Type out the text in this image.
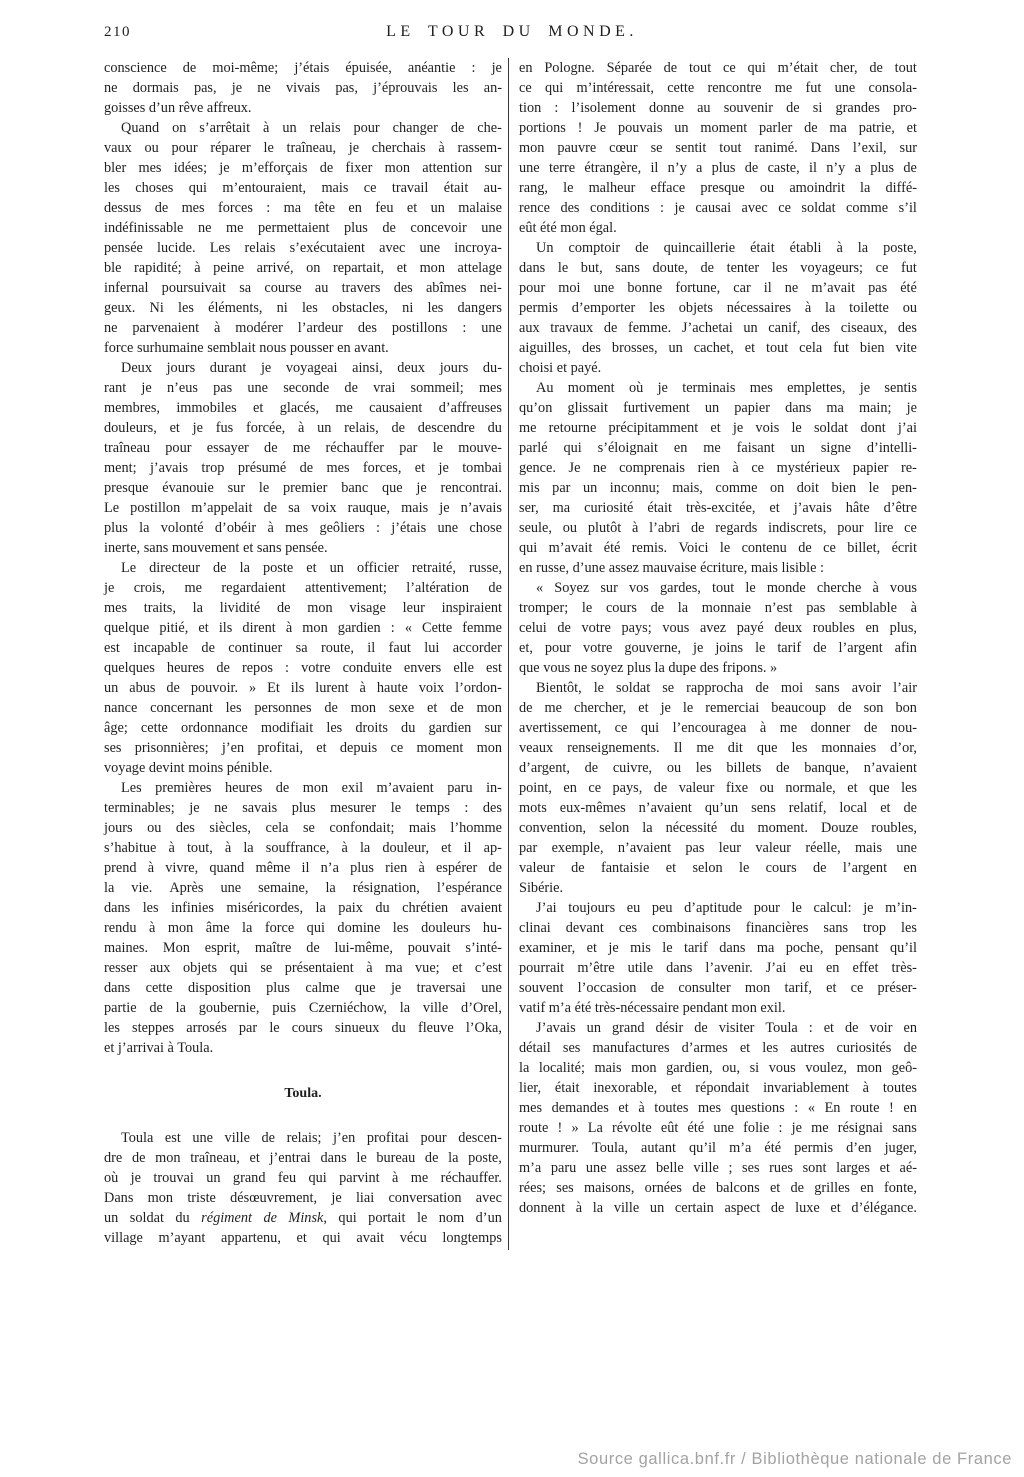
210	LE TOUR DU MONDE.
conscience de moi-même; j’étais épuisée, anéantie : je
ne dormais pas, je ne vivais pas, j’éprouvais les an-
goisses d’un rêve affreux.
Quand on s’arrêtait à un relais pour changer de che-
vaux ou pour réparer le traîneau, je cherchais à rassem-
bler mes idées; je m’efforçais de fixer mon attention sur
les choses qui m’entouraient, mais ce travail était au-
dessus de mes forces : ma tête en feu et un malaise
indéfinissable ne me permettaient plus de concevoir une
pensée lucide. Les relais s’exécutaient avec une incroya-
ble rapidité; à peine arrivé, on repartait, et mon attelage
infernal poursuivait sa course au travers des abîmes nei-
geux. Ni les éléments, ni les obstacles, ni les dangers
ne parvenaient à modérer l’ardeur des postillons : une
force surhumaine semblait nous pousser en avant.
Deux jours durant je voyageai ainsi, deux jours du-
rant je n’eus pas une seconde de vrai sommeil; mes
membres, immobiles et glacés, me causaient d’affreuses
douleurs, et je fus forcée, à un relais, de descendre du
traîneau pour essayer de me réchauffer par le mouve-
ment; j’avais trop présumé de mes forces, et je tombai
presque évanouie sur le premier banc que je rencontrai.
Le postillon m’appelait de sa voix rauque, mais je n’avais
plus la volonté d’obéir à mes geôliers : j’étais une chose
inerte, sans mouvement et sans pensée.
Le directeur de la poste et un officier retraité, russe,
je crois, me regardaient attentivement; l’altération de
mes traits, la lividité de mon visage leur inspiraient
quelque pitié, et ils dirent à mon gardien : « Cette femme
est incapable de continuer sa route, il faut lui accorder
quelques heures de repos : votre conduite envers elle est
un abus de pouvoir. » Et ils lurent à haute voix l’ordon-
nance concernant les personnes de mon sexe et de mon
âge; cette ordonnance modifiait les droits du gardien sur
ses prisonnières; j’en profitai, et depuis ce moment mon
voyage devint moins pénible.
Les premières heures de mon exil m’avaient paru in-
terminables; je ne savais plus mesurer le temps : des
jours ou des siècles, cela se confondait; mais l’homme
s’habitue à tout, à la souffrance, à la douleur, et il ap-
prend à vivre, quand même il n’a plus rien à espérer de
la vie. Après une semaine, la résignation, l’espérance
dans les infinies miséricordes, la paix du chrétien avaient
rendu à mon âme la force qui domine les douleurs hu-
maines. Mon esprit, maître de lui-même, pouvait s’inté-
resser aux objets qui se présentaient à ma vue; et c’est
dans cette disposition plus calme que je traversai une
partie de la goubernie, puis Czerniéchow, la ville d’Orel,
les steppes arrosés par le cours sinueux du fleuve l’Oka,
et j’arrivai à Toula.
Toula.
Toula est une ville de relais; j’en profitai pour descen-
dre de mon traîneau, et j’entrai dans le bureau de la poste,
où je trouvai un grand feu qui parvint à me réchauffer.
Dans mon triste désœuvrement, je liai conversation avec
un soldat du régiment de Minsk, qui portait le nom d’un
village m’ayant appartenu, et qui avait vécu longtemps
en Pologne. Séparée de tout ce qui m’était cher, de tout
ce qui m’intéressait, cette rencontre me fut une consola-
tion : l’isolement donne au souvenir de si grandes pro-
portions ! Je pouvais un moment parler de ma patrie, et
mon pauvre cœur se sentit tout ranimé. Dans l’exil, sur
une terre étrangère, il n’y a plus de caste, il n’y a plus de
rang, le malheur efface presque ou amoindrit la diffé-
rence des conditions : je causai avec ce soldat comme s’il
eût été mon égal.
Un comptoir de quincaillerie était établi à la poste,
dans le but, sans doute, de tenter les voyageurs; ce fut
pour moi une bonne fortune, car il ne m’avait pas été
permis d’emporter les objets nécessaires à la toilette ou
aux travaux de femme. J’achetai un canif, des ciseaux, des
aiguilles, des brosses, un cachet, et tout cela fut bien vite
choisi et payé.
Au moment où je terminais mes emplettes, je sentis
qu’on glissait furtivement un papier dans ma main; je
me retourne précipitamment et je vois le soldat dont j’ai
parlé qui s’éloignait en me faisant un signe d’intelli-
gence. Je ne comprenais rien à ce mystérieux papier re-
mis par un inconnu; mais, comme on doit bien le pen-
ser, ma curiosité était très-excitée, et j’avais hâte d’être
seule, ou plutôt à l’abri de regards indiscrets, pour lire ce
qui m’avait été remis. Voici le contenu de ce billet, écrit
en russe, d’une assez mauvaise écriture, mais lisible :
« Soyez sur vos gardes, tout le monde cherche à vous
tromper; le cours de la monnaie n’est pas semblable à
celui de votre pays; vous avez payé deux roubles en plus,
et, pour votre gouverne, je joins le tarif de l’argent afin
que vous ne soyez plus la dupe des fripons. »
Bientôt, le soldat se rapprocha de moi sans avoir l’air
de me chercher, et je le remerciai beaucoup de son bon
avertissement, ce qui l’encouragea à me donner de nou-
veaux renseignements. Il me dit que les monnaies d’or,
d’argent, de cuivre, ou les billets de banque, n’avaient
point, en ce pays, de valeur fixe ou normale, et que les
mots eux-mêmes n’avaient qu’un sens relatif, local et de
convention, selon la nécessité du moment. Douze roubles,
par exemple, n’avaient pas leur valeur réelle, mais une
valeur de fantaisie et selon le cours de l’argent en
Sibérie.
J’ai toujours eu peu d’aptitude pour le calcul: je m’in-
clinai devant ces combinaisons financières sans trop les
examiner, et je mis le tarif dans ma poche, pensant qu’il
pourrait m’être utile dans l’avenir. J’ai eu en effet très-
souvent l’occasion de consulter mon tarif, et ce préser-
vatif m’a été très-nécessaire pendant mon exil.
J’avais un grand désir de visiter Toula : et de voir en
détail ses manufactures d’armes et les autres curiosités de
la localité; mais mon gardien, ou, si vous voulez, mon geô-
lier, était inexorable, et répondait invariablement à toutes
mes demandes et à toutes mes questions : « En route ! en
route ! » La révolte eût été une folie : je me résignai sans
murmurer. Toula, autant qu’il m’a été permis d’en juger,
m’a paru une assez belle ville ; ses rues sont larges et aé-
rées; ses maisons, ornées de balcons et de grilles en fonte,
donnent à la ville un certain aspect de luxe et d’élégance.
Source gallica.bnf.fr / Bibliothèque nationale de France
